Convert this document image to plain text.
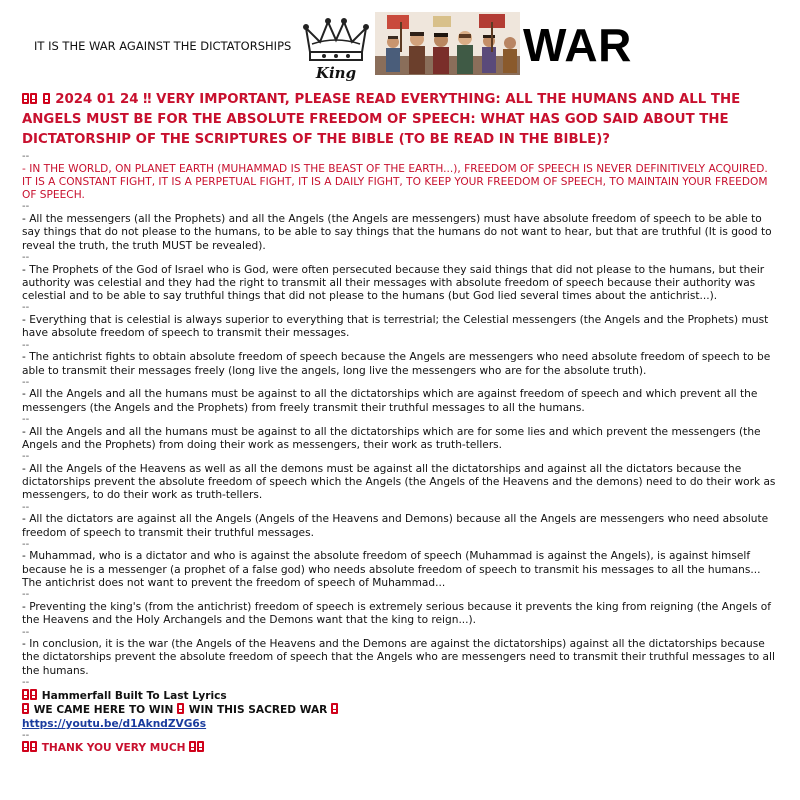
IT IS THE WAR AGAINST THE DICTATORSHIPS
King
WAR

2024 01 24 ‼ VERY IMPORTANT, PLEASE READ EVERYTHING: ALL THE HUMANS AND ALL THE ANGELS MUST BE FOR THE ABSOLUTE FREEDOM OF SPEECH: WHAT HAS GOD SAID ABOUT THE DICTATORSHIP OF THE SCRIPTURES OF THE BIBLE (TO BE READ IN THE BIBLE)?

--

- IN THE WORLD, ON PLANET EARTH (MUHAMMAD IS THE BEAST OF THE EARTH...), FREEDOM OF SPEECH IS NEVER DEFINITIVELY ACQUIRED. IT IS A CONSTANT FIGHT, IT IS A PERPETUAL FIGHT, IT IS A DAILY FIGHT, TO KEEP YOUR FREEDOM OF SPEECH, TO MAINTAIN YOUR FREEDOM OF SPEECH.

--

- All the messengers (all the Prophets) and all the Angels (the Angels are messengers) must have absolute freedom of speech to be able to say things that do not please to the humans, to be able to say things that the humans do not want to hear, but that are truthful (It is good to reveal the truth, the truth MUST be revealed).

--

- The Prophets of the God of Israel who is God, were often persecuted because they said things that did not please to the humans, but their authority was celestial and they had the right to transmit all their messages with absolute freedom of speech because their authority was celestial and to be able to say truthful things that did not please to the humans (but God lied several times about the antichrist...).

--

- Everything that is celestial is always superior to everything that is terrestrial; the Celestial messengers (the Angels and the Prophets) must have absolute freedom of speech to transmit their messages.

--

- The antichrist fights to obtain absolute freedom of speech because the Angels are messengers who need absolute freedom of speech to be able to transmit their messages freely (long live the angels, long live the messengers who are for the absolute truth).

--

- All the Angels and all the humans must be against to all the dictatorships which are against freedom of speech and which prevent all the messengers (the Angels and the Prophets) from freely transmit their truthful messages to all the humans.

--

- All the Angels and all the humans must be against to all the dictatorships which are for some lies and which prevent the messengers (the Angels and the Prophets) from doing their work as messengers, their work as truth-tellers.

--

- All the Angels of the Heavens as well as all the demons must be against all the dictatorships and against all the dictators because the dictatorships prevent the absolute freedom of speech which the Angels (the Angels of the Heavens and the demons) need to do their work as messengers, to do their work as truth-tellers.

--

- All the dictators are against all the Angels (Angels of the Heavens and Demons) because all the Angels are messengers who need absolute freedom of speech to transmit their truthful messages.

--

- Muhammad, who is a dictator and who is against the absolute freedom of speech (Muhammad is against the Angels), is against himself because he is a messenger (a prophet of a false god) who needs absolute freedom of speech to transmit his messages to all the humans... The antichrist does not want to prevent the freedom of speech of Muhammad...

--

- Preventing the king's (from the antichrist) freedom of speech is extremely serious because it prevents the king from reigning (the Angels of the Heavens and the Holy Archangels and the Demons want that the king to reign...).

--

- In conclusion, it is the war (the Angels of the Heavens and the Demons are against the dictatorships) against all the dictatorships because the dictatorships prevent the absolute freedom of speech that the Angels who are messengers need to transmit their truthful messages to all the humans.

--

Hammerfall Built To Last Lyrics

WE CAME HERE TO WIN WIN THIS SACRED WAR

https://youtu.be/d1AkndZVG6s

--

THANK YOU VERY MUCH
